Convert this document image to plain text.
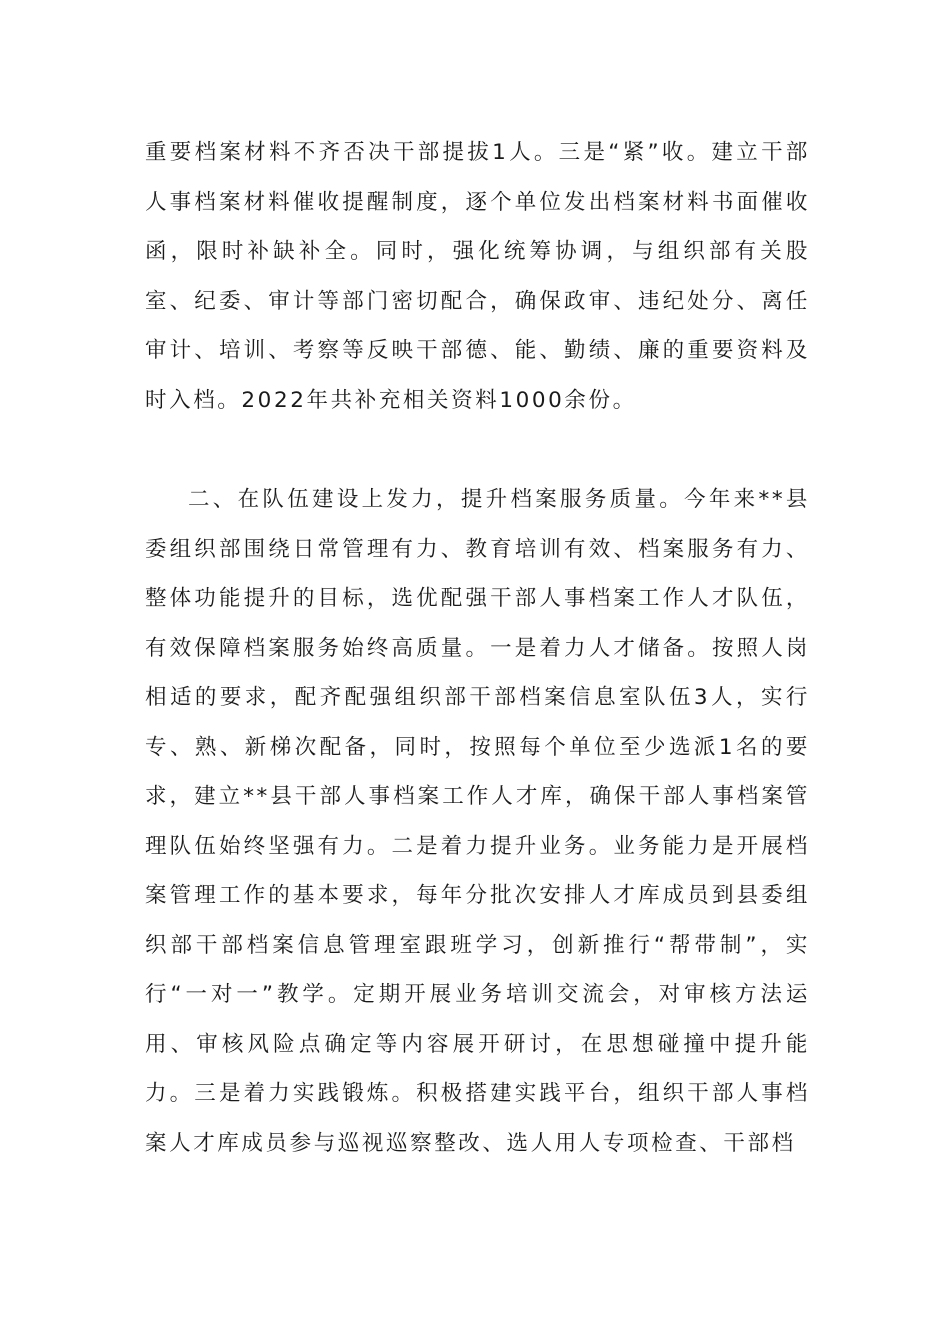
重要档案材料不齐否决干部提拔1人。三是“紧”收。建立干部人事档案材料催收提醒制度，逐个单位发出档案材料书面催收函，限时补缺补全。同时，强化统筹协调，与组织部有关股室、纪委、审计等部门密切配合，确保政审、违纪处分、离任审计、培训、考察等反映干部德、能、勤绩、廉的重要资料及时入档。2022年共补充相关资料1000余份。

二、在队伍建设上发力，提升档案服务质量。今年来**县委组织部围绕日常管理有力、教育培训有效、档案服务有力、整体功能提升的目标，选优配强干部人事档案工作人才队伍，有效保障档案服务始终高质量。一是着力人才储备。按照人岗相适的要求，配齐配强组织部干部档案信息室队伍3人，实行专、熟、新梯次配备，同时，按照每个单位至少选派1名的要求，建立**县干部人事档案工作人才库，确保干部人事档案管理队伍始终坚强有力。二是着力提升业务。业务能力是开展档案管理工作的基本要求，每年分批次安排人才库成员到县委组织部干部档案信息管理室跟班学习，创新推行“帮带制”，实行“一对一”教学。定期开展业务培训交流会，对审核方法运用、审核风险点确定等内容展开研讨，在思想碰撞中提升能力。三是着力实践锻炼。积极搭建实践平台，组织干部人事档案人才库成员参与巡视巡察整改、选人用人专项检查、干部档
